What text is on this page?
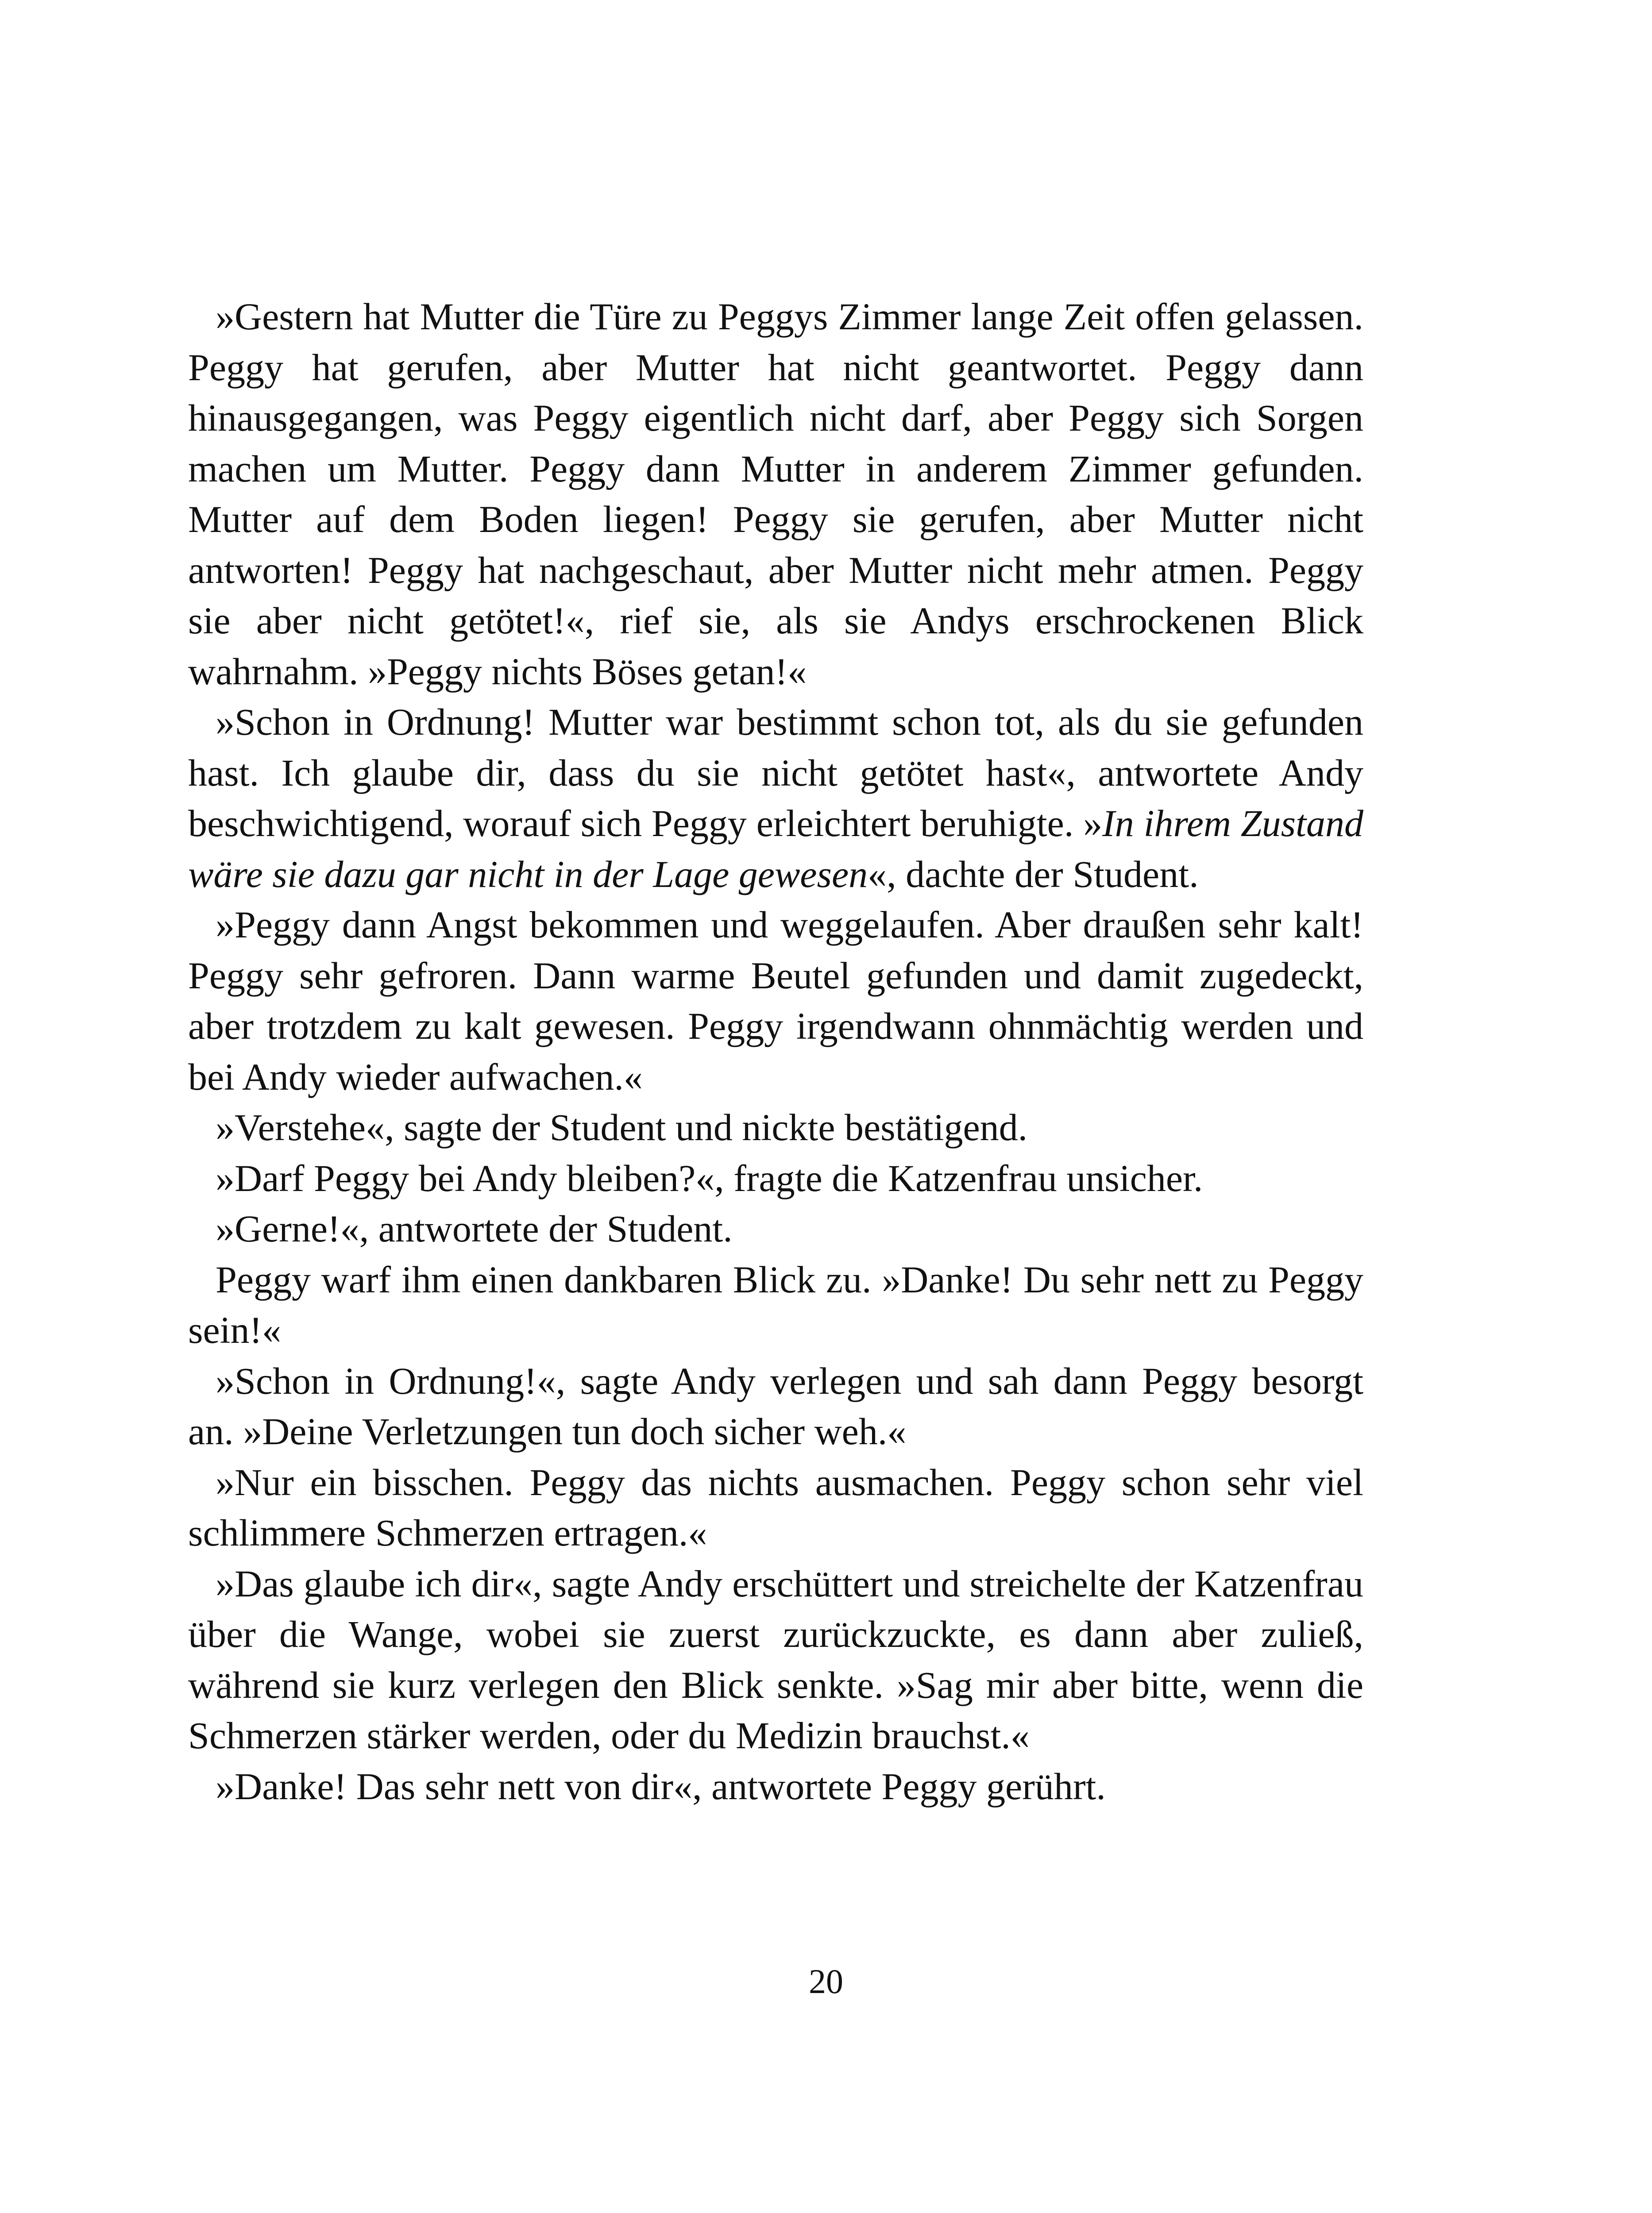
»Gestern hat Mutter die Türe zu Peggys Zimmer lange Zeit offen gelassen. Peggy hat gerufen, aber Mutter hat nicht geantwortet. Peggy dann hinausgegangen, was Peggy eigentlich nicht darf, aber Peggy sich Sorgen machen um Mutter. Peggy dann Mutter in anderem Zimmer gefunden. Mutter auf dem Boden liegen! Peggy sie gerufen, aber Mutter nicht antworten! Peggy hat nachgeschaut, aber Mutter nicht mehr atmen. Peggy sie aber nicht getötet!«, rief sie, als sie Andys erschrockenen Blick wahrnahm. »Peggy nichts Böses getan!«

»Schon in Ordnung! Mutter war bestimmt schon tot, als du sie gefunden hast. Ich glaube dir, dass du sie nicht getötet hast«, antwortete Andy beschwichtigend, worauf sich Peggy erleichtert beruhigte. »In ihrem Zustand wäre sie dazu gar nicht in der Lage gewesen«, dachte der Student.

»Peggy dann Angst bekommen und weggelaufen. Aber draußen sehr kalt! Peggy sehr gefroren. Dann warme Beutel gefunden und damit zugedeckt, aber trotzdem zu kalt gewesen. Peggy irgendwann ohnmächtig werden und bei Andy wieder aufwachen.«

»Verstehe«, sagte der Student und nickte bestätigend.

»Darf Peggy bei Andy bleiben?«, fragte die Katzenfrau unsicher.

»Gerne!«, antwortete der Student.

Peggy warf ihm einen dankbaren Blick zu. »Danke! Du sehr nett zu Peggy sein!«

»Schon in Ordnung!«, sagte Andy verlegen und sah dann Peggy besorgt an. »Deine Verletzungen tun doch sicher weh.«

»Nur ein bisschen. Peggy das nichts ausmachen. Peggy schon sehr viel schlimmere Schmerzen ertragen.«

»Das glaube ich dir«, sagte Andy erschüttert und streichelte der Katzenfrau über die Wange, wobei sie zuerst zurückzuckte, es dann aber zuließ, während sie kurz verlegen den Blick senkte. »Sag mir aber bitte, wenn die Schmerzen stärker werden, oder du Medizin brauchst.«

»Danke! Das sehr nett von dir«, antwortete Peggy gerührt.

20
